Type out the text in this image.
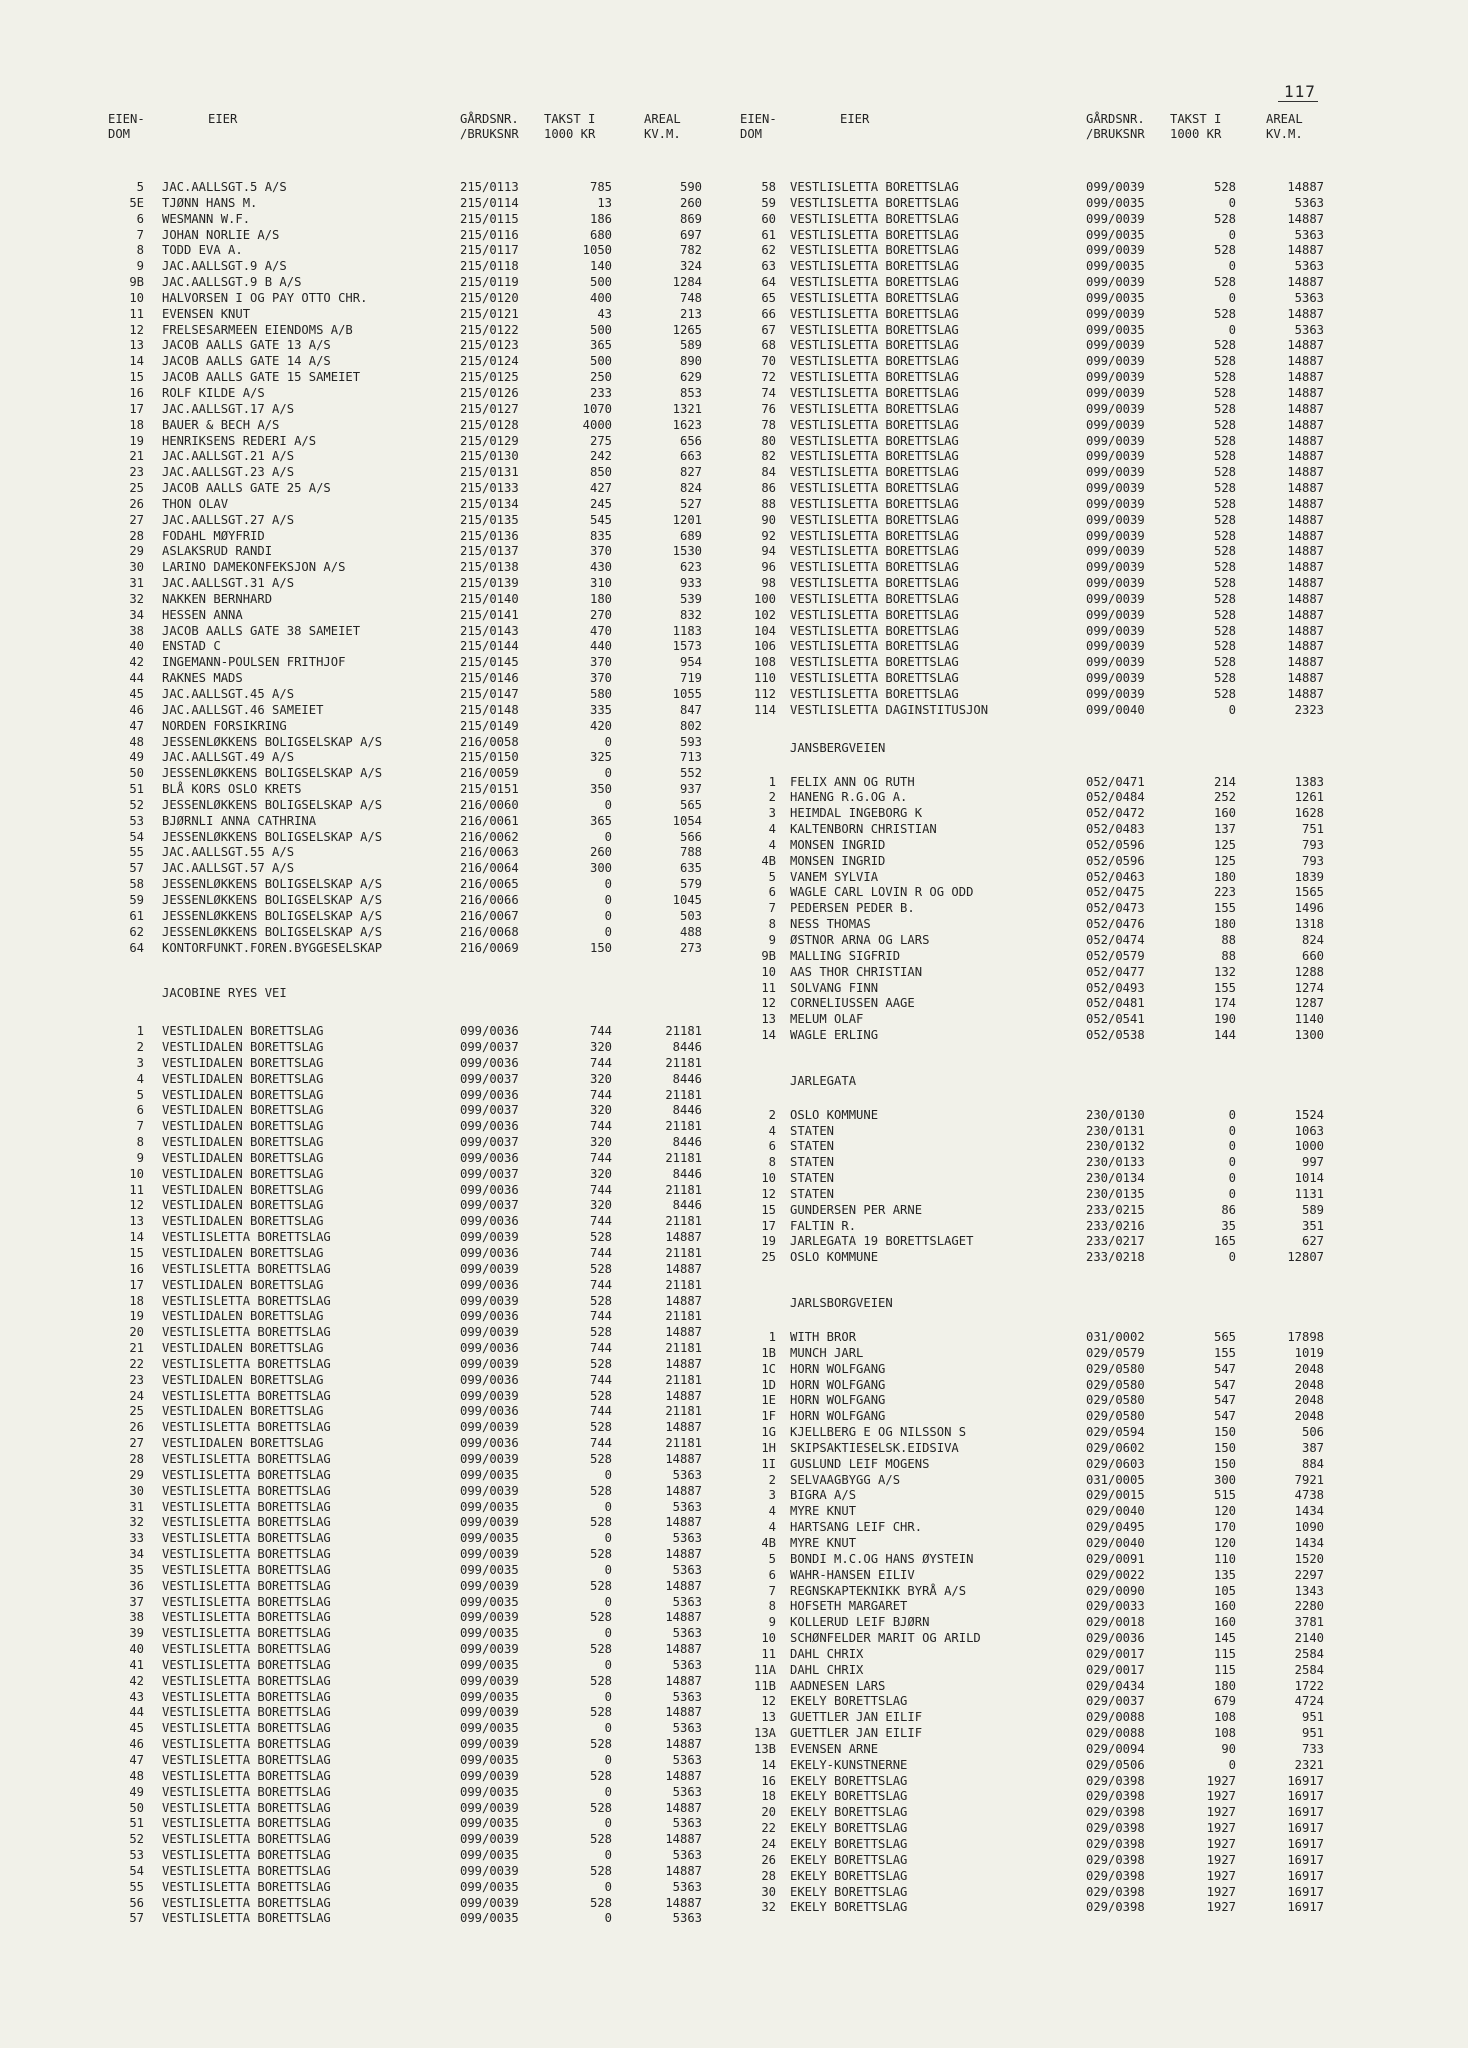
117
EIEN-
DOM
EIER	GÅRDSNR.
/BRUKSNR
TAKST I
1000 KR
AREAL
KV.M.
5 JAC.AALLSGT.5 A/S	215/0113	785	590
5E TJØNN HANS M.	215/0114	13	260
6 WESMANN W.F.	215/0115	186	869
7 JOHAN NORLIE A/S	215/0116	680	697
8 TODD EVA A.	215/0117	1050	782
9 JAC.AALLSGT.9 A/S	215/0118	140	324
9B JAC.AALLSGT.9 B A/S	215/0119	500	1284
10 HALVORSEN I OG PAY OTTO CHR.	215/0120	400	748
11 EVENSEN KNUT	215/0121	43	213
12 FRELSESARMEEN EIENDOMS A/B	215/0122	500	1265
13 JACOB AALLS GATE 13 A/S	215/0123	365	589
14 JACOB AALLS GATE 14 A/S	215/0124	500	890
15 JACOB AALLS GATE 15 SAMEIET	215/0125	250	629
16 ROLF KILDE A/S	215/0126	233	853
17 JAC.AALLSGT.17 A/S	215/0127	1070	1321
18 BAUER & BECH A/S	215/0128	4000	1623
19 HENRIKSENS REDERI A/S	215/0129	275	656
21 JAC.AALLSGT.21 A/S	215/0130	242	663
23 JAC.AALLSGT.23 A/S	215/0131	850	827
25 JACOB AALLS GATE 25 A/S	215/0133	427	824
26 THON OLAV	215/0134	245	527
27 JAC.AALLSGT.27 A/S	215/0135	545	1201
28 FODAHL MØYFRID	215/0136	835	689
29 ASLAKSRUD RANDI	215/0137	370	1530
30 LARINO DAMEKONFEKSJON A/S	215/0138	430	623
31 JAC.AALLSGT.31 A/S	215/0139	310	933
32 NAKKEN BERNHARD	215/0140	180	539
34 HESSEN ANNA	215/0141	270	832
38 JACOB AALLS GATE 38 SAMEIET	215/0143	470	1183
40 ENSTAD C	215/0144	440	1573
42 INGEMANN-POULSEN FRITHJOF	215/0145	370	954
44 RAKNES MADS	215/0146	370	719
45 JAC.AALLSGT.45 A/S	215/0147	580	1055
46 JAC.AALLSGT.46 SAMEIET	215/0148	335	847
47 NORDEN FORSIKRING	215/0149	420	802
48 JESSENLØKKENS BOLIGSELSKAP A/S	216/0058	0	593
49 JAC.AALLSGT.49 A/S	215/0150	325	713
50 JESSENLØKKENS BOLIGSELSKAP A/S	216/0059	0	552
51 BLÅ KORS OSLO KRETS	215/0151	350	937
52 JESSENLØKKENS BOLIGSELSKAP A/S	216/0060	0	565
53 BJØRNLI ANNA CATHRINA	216/0061	365	1054
54 JESSENLØKKENS BOLIGSELSKAP A/S	216/0062	0	566
55 JAC.AALLSGT.55 A/S	216/0063	260	788
57 JAC.AALLSGT.57 A/S	216/0064	300	635
58 JESSENLØKKENS BOLIGSELSKAP A/S	216/0065	0	579
59 JESSENLØKKENS BOLIGSELSKAP A/S	216/0066	0	1045
61 JESSENLØKKENS BOLIGSELSKAP A/S	216/0067	0	503
62 JESSENLØKKENS BOLIGSELSKAP A/S	216/0068	0	488
64 KONTORFUNKT.FOREN.BYGGESELSKAP	216/0069	150	273
JACOBINE RYES VEI
1 VESTLIDALEN BORETTSLAG	099/0036	744	21181
2 VESTLIDALEN BORETTSLAG	099/0037	320	8446
3 VESTLIDALEN BORETTSLAG	099/0036	744	21181
4 VESTLIDALEN BORETTSLAG	099/0037	320	8446
5 VESTLIDALEN BORETTSLAG	099/0036	744	21181
6 VESTLIDALEN BORETTSLAG	099/0037	320	8446
7 VESTLIDALEN BORETTSLAG	099/0036	744	21181
8 VESTLIDALEN BORETTSLAG	099/0037	320	8446
9 VESTLIDALEN BORETTSLAG	099/0036	744	21181
10 VESTLIDALEN BORETTSLAG	099/0037	320	8446
11 VESTLIDALEN BORETTSLAG	099/0036	744	21181
12 VESTLIDALEN BORETTSLAG	099/0037	320	8446
13 VESTLIDALEN BORETTSLAG	099/0036	744	21181
14 VESTLISLETTA BORETTSLAG	099/0039	528	14887
15 VESTLIDALEN BORETTSLAG	099/0036	744	21181
16 VESTLISLETTA BORETTSLAG	099/0039	528	14887
17 VESTLIDALEN BORETTSLAG	099/0036	744	21181
18 VESTLISLETTA BORETTSLAG	099/0039	528	14887
19 VESTLIDALEN BORETTSLAG	099/0036	744	21181
20 VESTLISLETTA BORETTSLAG	099/0039	528	14887
21 VESTLIDALEN BORETTSLAG	099/0036	744	21181
22 VESTLISLETTA BORETTSLAG	099/0039	528	14887
23 VESTLIDALEN BORETTSLAG	099/0036	744	21181
24 VESTLISLETTA BORETTSLAG	099/0039	528	14887
25 VESTLIDALEN BORETTSLAG	099/0036	744	21181
26 VESTLISLETTA BORETTSLAG	099/0039	528	14887
27 VESTLIDALEN BORETTSLAG	099/0036	744	21181
28 VESTLISLETTA BORETTSLAG	099/0039	528	14887
29 VESTLISLETTA BORETTSLAG	099/0035	0	5363
30 VESTLISLETTA BORETTSLAG	099/0039	528	14887
31 VESTLISLETTA BORETTSLAG	099/0035	0	5363
32 VESTLISLETTA BORETTSLAG	099/0039	528	14887
33 VESTLISLETTA BORETTSLAG	099/0035	0	5363
34 VESTLISLETTA BORETTSLAG	099/0039	528	14887
35 VESTLISLETTA BORETTSLAG	099/0035	0	5363
36 VESTLISLETTA BORETTSLAG	099/0039	528	14887
37 VESTLISLETTA BORETTSLAG	099/0035	0	5363
38 VESTLISLETTA BORETTSLAG	099/0039	528	14887
39 VESTLISLETTA BORETTSLAG	099/0035	0	5363
40 VESTLISLETTA BORETTSLAG	099/0039	528	14887
41 VESTLISLETTA BORETTSLAG	099/0035	0	5363
42 VESTLISLETTA BORETTSLAG	099/0039	528	14887
43 VESTLISLETTA BORETTSLAG	099/0035	0	5363
44 VESTLISLETTA BORETTSLAG	099/0039	528	14887
45 VESTLISLETTA BORETTSLAG	099/0035	0	5363
46 VESTLISLETTA BORETTSLAG	099/0039	528	14887
47 VESTLISLETTA BORETTSLAG	099/0035	0	5363
48 VESTLISLETTA BORETTSLAG	099/0039	528	14887
49 VESTLISLETTA BORETTSLAG	099/0035	0	5363
50 VESTLISLETTA BORETTSLAG	099/0039	528	14887
51 VESTLISLETTA BORETTSLAG	099/0035	0	5363
52 VESTLISLETTA BORETTSLAG	099/0039	528	14887
53 VESTLISLETTA BORETTSLAG	099/0035	0	5363
54 VESTLISLETTA BORETTSLAG	099/0039	528	14887
55 VESTLISLETTA BORETTSLAG	099/0035	0	5363
56 VESTLISLETTA BORETTSLAG	099/0039	528	14887
57 VESTLISLETTA BORETTSLAG	099/0035	0	5363
EIEN-
DOM
EIER	GÅRDSNR.
/BRUKSNR
TAKST I
1000 KR
AREAL
KV.M.
58 VESTLISLETTA BORETTSLAG	099/0039	528	14887
59 VESTLISLETTA BORETTSLAG	099/0035	0	5363
60 VESTLISLETTA BORETTSLAG	099/0039	528	14887
61 VESTLISLETTA BORETTSLAG	099/0035	0	5363
62 VESTLISLETTA BORETTSLAG	099/0039	528	14887
63 VESTLISLETTA BORETTSLAG	099/0035	0	5363
64 VESTLISLETTA BORETTSLAG	099/0039	528	14887
65 VESTLISLETTA BORETTSLAG	099/0035	0	5363
66 VESTLISLETTA BORETTSLAG	099/0039	528	14887
67 VESTLISLETTA BORETTSLAG	099/0035	0	5363
68 VESTLISLETTA BORETTSLAG	099/0039	528	14887
70 VESTLISLETTA BORETTSLAG	099/0039	528	14887
72 VESTLISLETTA BORETTSLAG	099/0039	528	14887
74 VESTLISLETTA BORETTSLAG	099/0039	528	14887
76 VESTLISLETTA BORETTSLAG	099/0039	528	14887
78 VESTLISLETTA BORETTSLAG	099/0039	528	14887
80 VESTLISLETTA BORETTSLAG	099/0039	528	14887
82 VESTLISLETTA BORETTSLAG	099/0039	528	14887
84 VESTLISLETTA BORETTSLAG	099/0039	528	14887
86 VESTLISLETTA BORETTSLAG	099/0039	528	14887
88 VESTLISLETTA BORETTSLAG	099/0039	528	14887
90 VESTLISLETTA BORETTSLAG	099/0039	528	14887
92 VESTLISLETTA BORETTSLAG	099/0039	528	14887
94 VESTLISLETTA BORETTSLAG	099/0039	528	14887
96 VESTLISLETTA BORETTSLAG	099/0039	528	14887
98 VESTLISLETTA BORETTSLAG	099/0039	528	14887
100 VESTLISLETTA BORETTSLAG	099/0039	528	14887
102 VESTLISLETTA BORETTSLAG	099/0039	528	14887
104 VESTLISLETTA BORETTSLAG	099/0039	528	14887
106 VESTLISLETTA BORETTSLAG	099/0039	528	14887
108 VESTLISLETTA BORETTSLAG	099/0039	528	14887
110 VESTLISLETTA BORETTSLAG	099/0039	528	14887
112 VESTLISLETTA BORETTSLAG	099/0039	528	14887
114 VESTLISLETTA DAGINSTITUSJON	099/0040	0	2323
JANSBERGVEIEN
1 FELIX ANN OG RUTH	052/0471	214	1383
2 HANENG R.G.OG A.	052/0484	252	1261
3 HEIMDAL INGEBORG K	052/0472	160	1628
4 KALTENBORN CHRISTIAN	052/0483	137	751
4 MONSEN INGRID	052/0596	125	793
4B MONSEN INGRID	052/0596	125	793
5 VANEM SYLVIA	052/0463	180	1839
6 WAGLE CARL LOVIN R OG ODD	052/0475	223	1565
7 PEDERSEN PEDER B.	052/0473	155	1496
8 NESS THOMAS	052/0476	180	1318
9 ØSTNOR ARNA OG LARS	052/0474	88	824
9B MALLING SIGFRID	052/0579	88	660
10 AAS THOR CHRISTIAN	052/0477	132	1288
11 SOLVANG FINN	052/0493	155	1274
12 CORNELIUSSEN AAGE	052/0481	174	1287
13 MELUM OLAF	052/0541	190	1140
14 WAGLE ERLING	052/0538	144	1300
JARLEGATA
2 OSLO KOMMUNE	230/0130	0	1524
4 STATEN	230/0131	0	1063
6 STATEN	230/0132	0	1000
8 STATEN	230/0133	0	997
10 STATEN	230/0134	0	1014
12 STATEN	230/0135	0	1131
15 GUNDERSEN PER ARNE	233/0215	86	589
17 FALTIN R.	233/0216	35	351
19 JARLEGATA 19 BORETTSLAGET	233/0217	165	627
25 OSLO KOMMUNE	233/0218	0	12807
JARLSBORGVEIEN
1 WITH BROR	031/0002	565	17898
1B MUNCH JARL	029/0579	155	1019
1C HORN WOLFGANG	029/0580	547	2048
1D HORN WOLFGANG	029/0580	547	2048
1E HORN WOLFGANG	029/0580	547	2048
1F HORN WOLFGANG	029/0580	547	2048
1G KJELLBERG E OG NILSSON S	029/0594	150	506
1H SKIPSAKTIESELSK.EIDSIVA	029/0602	150	387
1I GUSLUND LEIF MOGENS	029/0603	150	884
2 SELVAAGBYGG A/S	031/0005	300	7921
3 BIGRA A/S	029/0015	515	4738
4 MYRE KNUT	029/0040	120	1434
4 HARTSANG LEIF CHR.	029/0495	170	1090
4B MYRE KNUT	029/0040	120	1434
5 BONDI M.C.OG HANS ØYSTEIN	029/0091	110	1520
6 WAHR-HANSEN EILIV	029/0022	135	2297
7 REGNSKAPTEKNIKK BYRÅ A/S	029/0090	105	1343
8 HOFSETH MARGARET	029/0033	160	2280
9 KOLLERUD LEIF BJØRN	029/0018	160	3781
10 SCHØNFELDER MARIT OG ARILD	029/0036	145	2140
11 DAHL CHRIX	029/0017	115	2584
11A DAHL CHRIX	029/0017	115	2584
11B AADNESEN LARS	029/0434	180	1722
12 EKELY BORETTSLAG	029/0037	679	4724
13 GUETTLER JAN EILIF	029/0088	108	951
13A GUETTLER JAN EILIF	029/0088	108	951
13B EVENSEN ARNE	029/0094	90	733
14 EKELY-KUNSTNERNE	029/0506	0	2321
16 EKELY BORETTSLAG	029/0398	1927	16917
18 EKELY BORETTSLAG	029/0398	1927	16917
20 EKELY BORETTSLAG	029/0398	1927	16917
22 EKELY BORETTSLAG	029/0398	1927	16917
24 EKELY BORETTSLAG	029/0398	1927	16917
26 EKELY BORETTSLAG	029/0398	1927	16917
28 EKELY BORETTSLAG	029/0398	1927	16917
30 EKELY BORETTSLAG	029/0398	1927	16917
32 EKELY BORETTSLAG	029/0398	1927	16917
